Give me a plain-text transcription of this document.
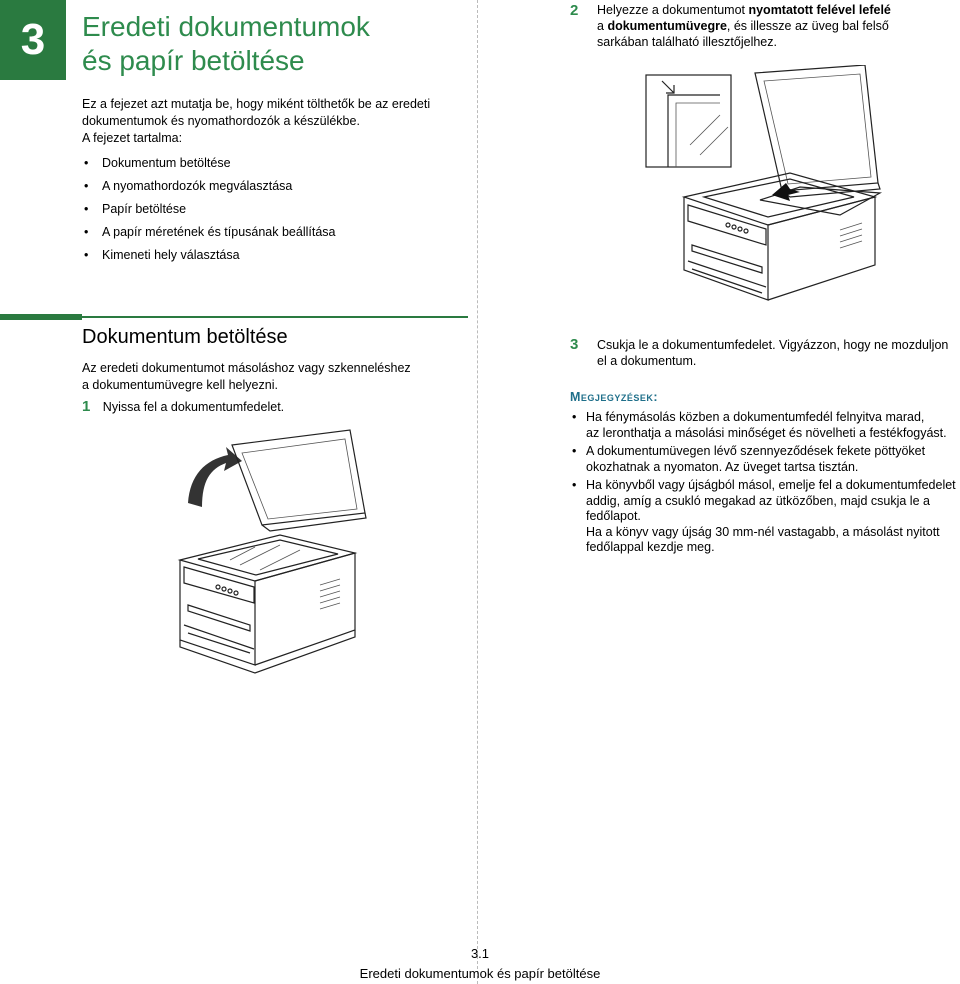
3	Eredeti dokumentumok
és papír betöltése

Ez a fejezet azt mutatja be, hogy miként tölthetők be az eredeti

dokumentumok és nyomathordozók a készülékbe.

A fejezet tartalma:

• Dokumentum betöltése
• A nyomathordozók megválasztása
• Papír betöltése
• A papír méretének és típusának beállítása
• Kimeneti hely választása
Dokumentum betöltése
Az eredeti dokumentumot másoláshoz vagy szkenneléshez
a dokumentumüvegre kell helyezni.
1 Nyissa fel a dokumentumfedelet.
2 Helyezze a dokumentumot nyomtatott felével lefelé
a dokumentumüvegre, és illessze az üveg bal felső
sarkában található illesztőjelhez.
3 Csukja le a dokumentumfedelet. Vigyázzon, hogy ne mozduljon
el a dokumentum.
Megjegyzések:
• Ha fénymásolás közben a dokumentumfedél felnyitva marad,
az leronthatja a másolási minőséget és növelheti a festékfogyást.
• A dokumentumüvegen lévő szennyeződések fekete pöttyöket
okozhatnak a nyomaton. Az üveget tartsa tisztán.
• Ha könyvből vagy újságból másol, emelje fel a dokumentumfedelet
addig, amíg a csukló megakad az ütközőben, majd csukja le a fedőlapot.
Ha a könyv vagy újság 30 mm-nél vastagabb, a másolást nyitott
fedőlappal kezdje meg.
3.1
Eredeti dokumentumok és papír betöltése
